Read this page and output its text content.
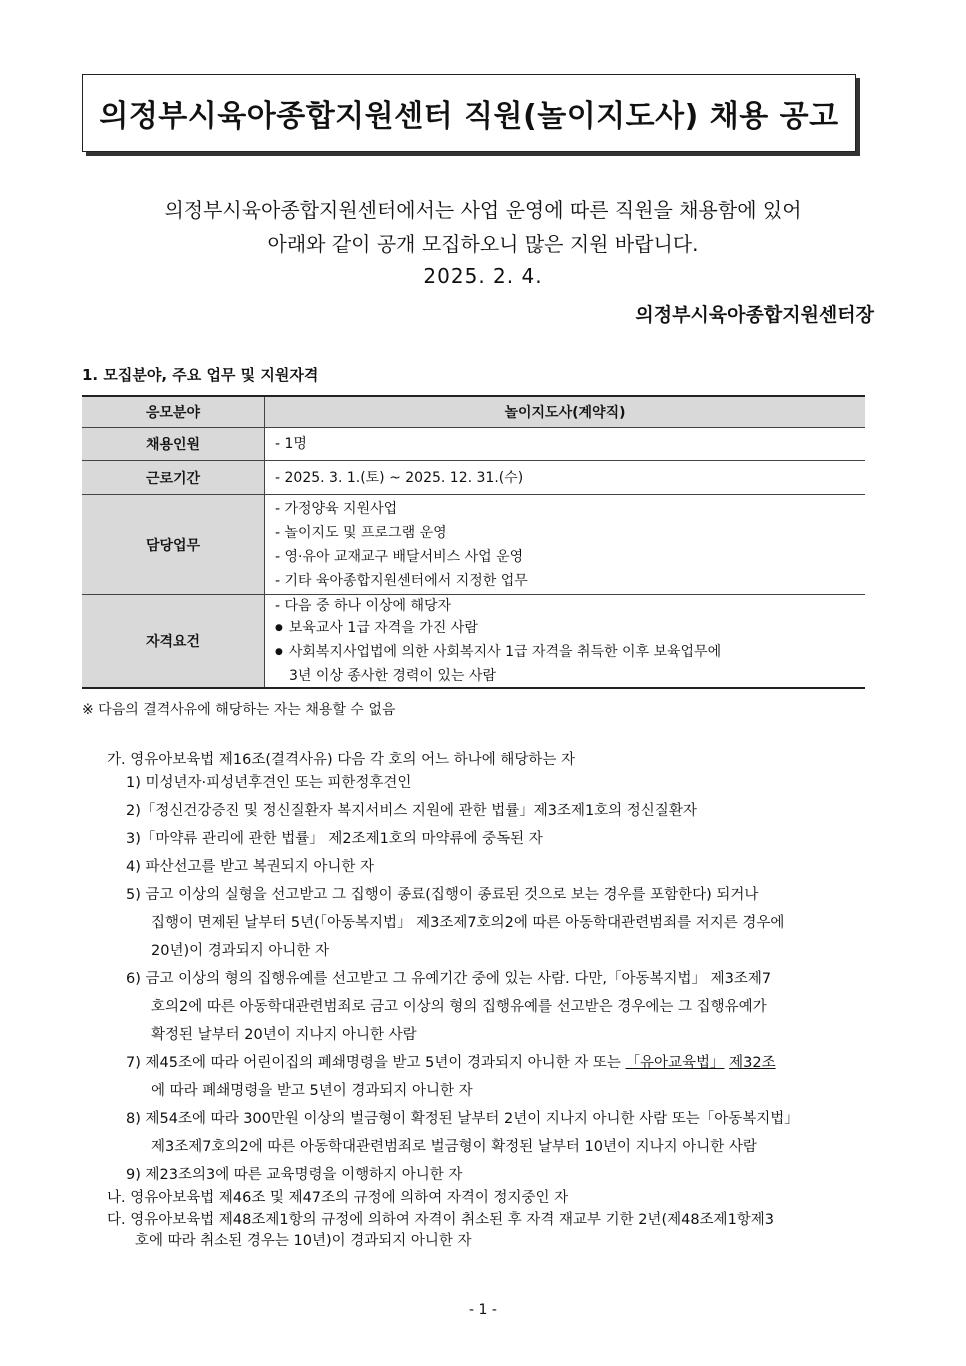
의정부시육아종합지원센터 직원(놀이지도사) 채용 공고
의정부시육아종합지원센터에서는 사업 운영에 따른 직원을 채용함에 있어
아래와 같이 공개 모집하오니 많은 지원 바랍니다.
2025. 2. 4.
의정부시육아종합지원센터장
1. 모집분야, 주요 업무 및 지원자격
응모분야	놀이지도사(계약직)
채용인원	- 1명

근로기간	- 2025. 3. 1.(토) ~ 2025. 12. 31.(수)

담당업무	- 가정양육 지원사업
- 놀이지도 및 프로그램 운영
- 영·유아 교재교구 배달서비스 사업 운영
- 기타 육아종합지원센터에서 지정한 업무

자격요건	- 다음 중 하나 이상에 해당자
● 보육교사 1급 자격을 가진 사람
● 사회복지사업법에 의한 사회복지사 1급 자격을 취득한 이후 보육업무에
3년 이상 종사한 경력이 있는 사람
※ 다음의 결격사유에 해당하는 자는 채용할 수 없음
가. 영유아보육법 제16조(결격사유) 다음 각 호의 어느 하나에 해당하는 자
1) 미성년자·피성년후견인 또는 피한정후견인
2)「정신건강증진 및 정신질환자 복지서비스 지원에 관한 법률」제3조제1호의 정신질환자
3)「마약류 관리에 관한 법률」 제2조제1호의 마약류에 중독된 자
4) 파산선고를 받고 복권되지 아니한 자
5) 금고 이상의 실형을 선고받고 그 집행이 종료(집행이 종료된 것으로 보는 경우를 포함한다) 되거나
집행이 면제된 날부터 5년(「아동복지법」 제3조제7호의2에 따른 아동학대관련범죄를 저지른 경우에
20년)이 경과되지 아니한 자
6) 금고 이상의 형의 집행유예를 선고받고 그 유예기간 중에 있는 사람. 다만,「아동복지법」 제3조제7
호의2에 따른 아동학대관련범죄로 금고 이상의 형의 집행유예를 선고받은 경우에는 그 집행유예가
확정된 날부터 20년이 지나지 아니한 사람
7) 제45조에 따라 어린이집의 폐쇄명령을 받고 5년이 경과되지 아니한 자 또는 「유아교육법」 제32조
에 따라 폐쇄명령을 받고 5년이 경과되지 아니한 자
8) 제54조에 따라 300만원 이상의 벌금형이 확정된 날부터 2년이 지나지 아니한 사람 또는「아동복지법」
제3조제7호의2에 따른 아동학대관련범죄로 벌금형이 확정된 날부터 10년이 지나지 아니한 사람
9) 제23조의3에 따른 교육명령을 이행하지 아니한 자
나. 영유아보육법 제46조 및 제47조의 규정에 의하여 자격이 정지중인 자
다. 영유아보육법 제48조제1항의 규정에 의하여 자격이 취소된 후 자격 재교부 기한 2년(제48조제1항제3
호에 따라 취소된 경우는 10년)이 경과되지 아니한 자
- 1 -
